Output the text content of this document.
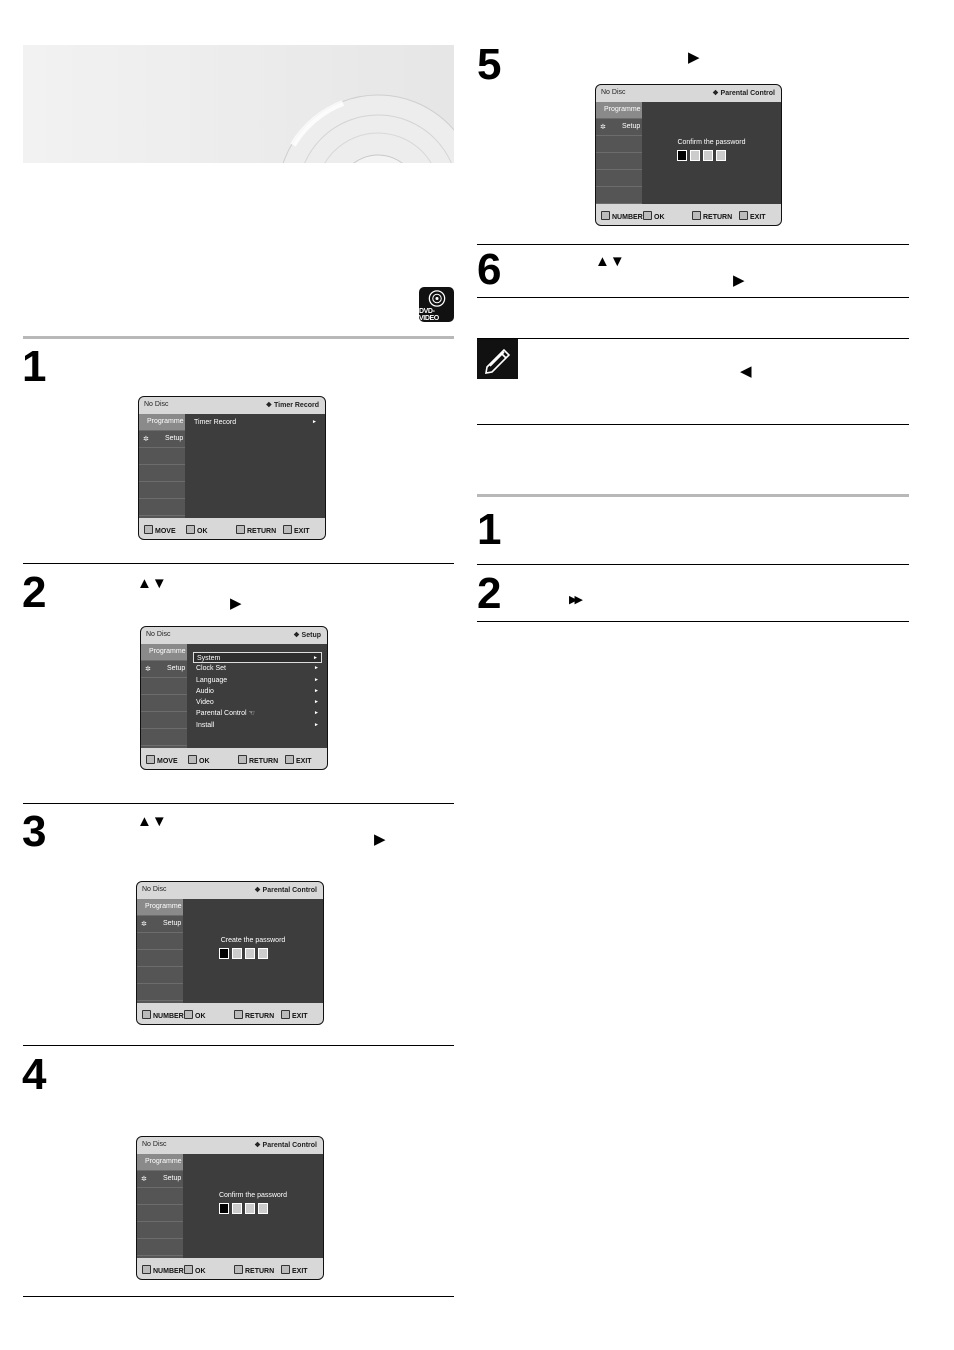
DVD-VIDEO
1
2
3
4
5
6
1
2
▲▼
▶
▲▼
▶
▶
▲▼
▶
◀
▶▶
No Disc	❖ Timer Record
Programme
✲ Setup
Timer Record	►
MOVE	OK	RETURN	EXIT
No Disc	❖ Setup
Programme
✲ Setup
System	►
Clock Set	►
Language	►
Audio	►
Video	►
Parental Control ☜	►
Install	►
MOVE	OK	RETURN	EXIT
No Disc	❖ Parental Control
Programme
✲ Setup
Create the password
NUMBER	OK	RETURN	EXIT
No Disc	❖ Parental Control
Programme
✲ Setup
Confirm the password
NUMBER	OK	RETURN	EXIT
No Disc	❖ Parental Control
Programme
✲ Setup
Confirm the password
NUMBER	OK	RETURN	EXIT
